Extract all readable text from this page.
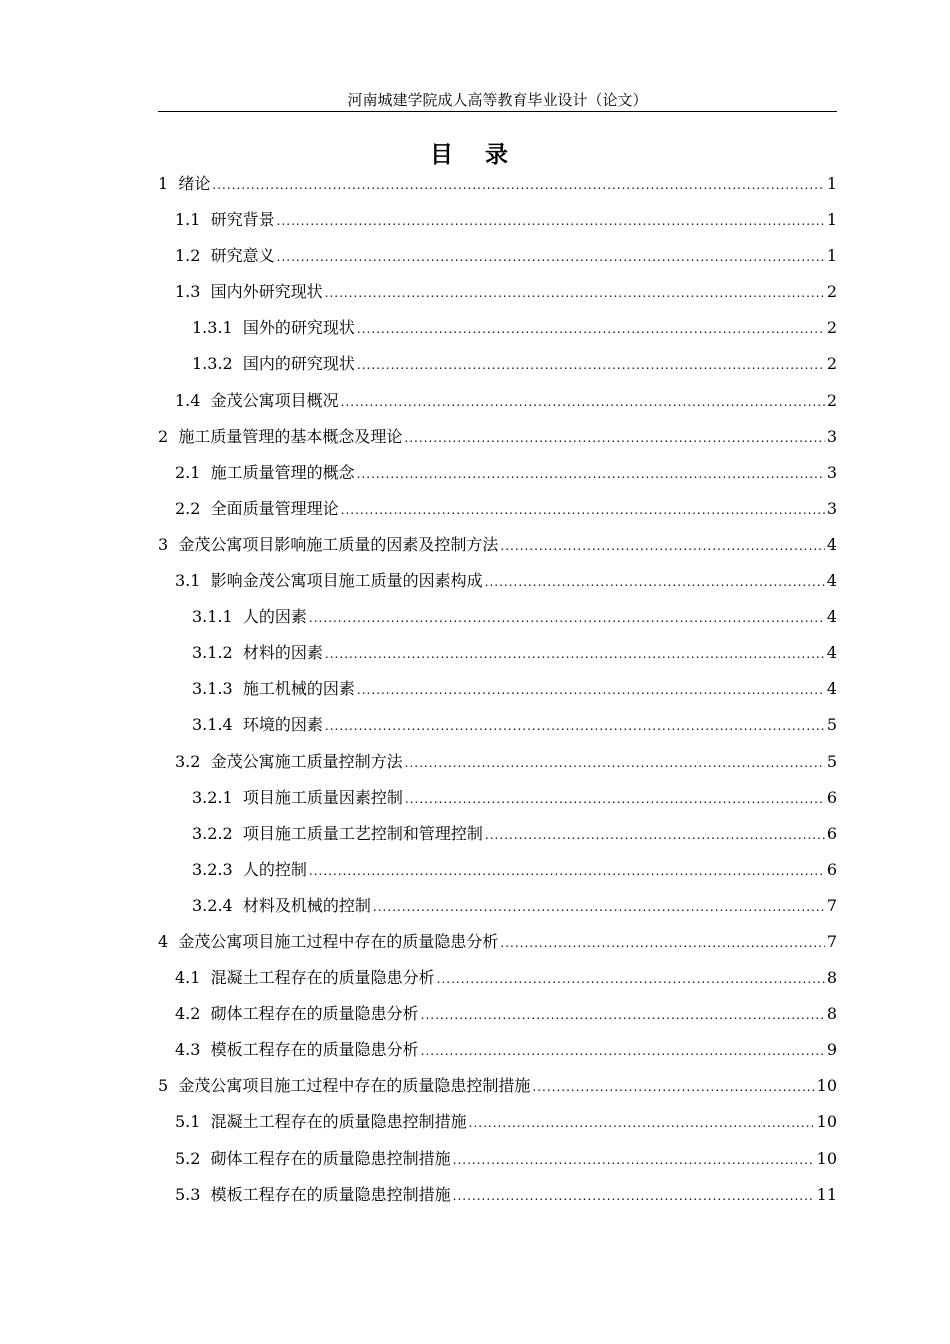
河南城建学院成人高等教育毕业设计（论文）
目 录
1
绪论 .....	1
1.1
研究背景 .....	1
1.2
研究意义 .....	1
1.3
国内外研究现状 .....	2
1.3.1
国外的研究现状 .....	2
1.3.2
国内的研究现状 .....	2
1.4
金茂公寓项目概况 .....	2
2
施工质量管理的基本概念及理论 .....	3
2.1
施工质量管理的概念 .....	3
2.2
全面质量管理理论 .....	3
3
金茂公寓项目影响施工质量的因素及控制方法 .....	4
3.1
影响金茂公寓项目施工质量的因素构成 .....	4
3.1.1
人的因素 .....	4
3.1.2
材料的因素 .....	4
3.1.3
施工机械的因素 .....	4
3.1.4
环境的因素 .....	5
3.2
金茂公寓施工质量控制方法 .....	5
3.2.1
项目施工质量因素控制 .....	6
3.2.2
项目施工质量工艺控制和管理控制 .....	6
3.2.3
人的控制 .....	6
3.2.4
材料及机械的控制 .....	7
4
金茂公寓项目施工过程中存在的质量隐患分析 .....	7
4.1
混凝土工程存在的质量隐患分析 .....	8
4.2
砌体工程存在的质量隐患分析 .....	8
4.3
模板工程存在的质量隐患分析 .....	9
5
金茂公寓项目施工过程中存在的质量隐患控制措施 .....	10
5.1
混凝土工程存在的质量隐患控制措施 .....	10
5.2
砌体工程存在的质量隐患控制措施 .....	10
5.3
模板工程存在的质量隐患控制措施 .....	11
